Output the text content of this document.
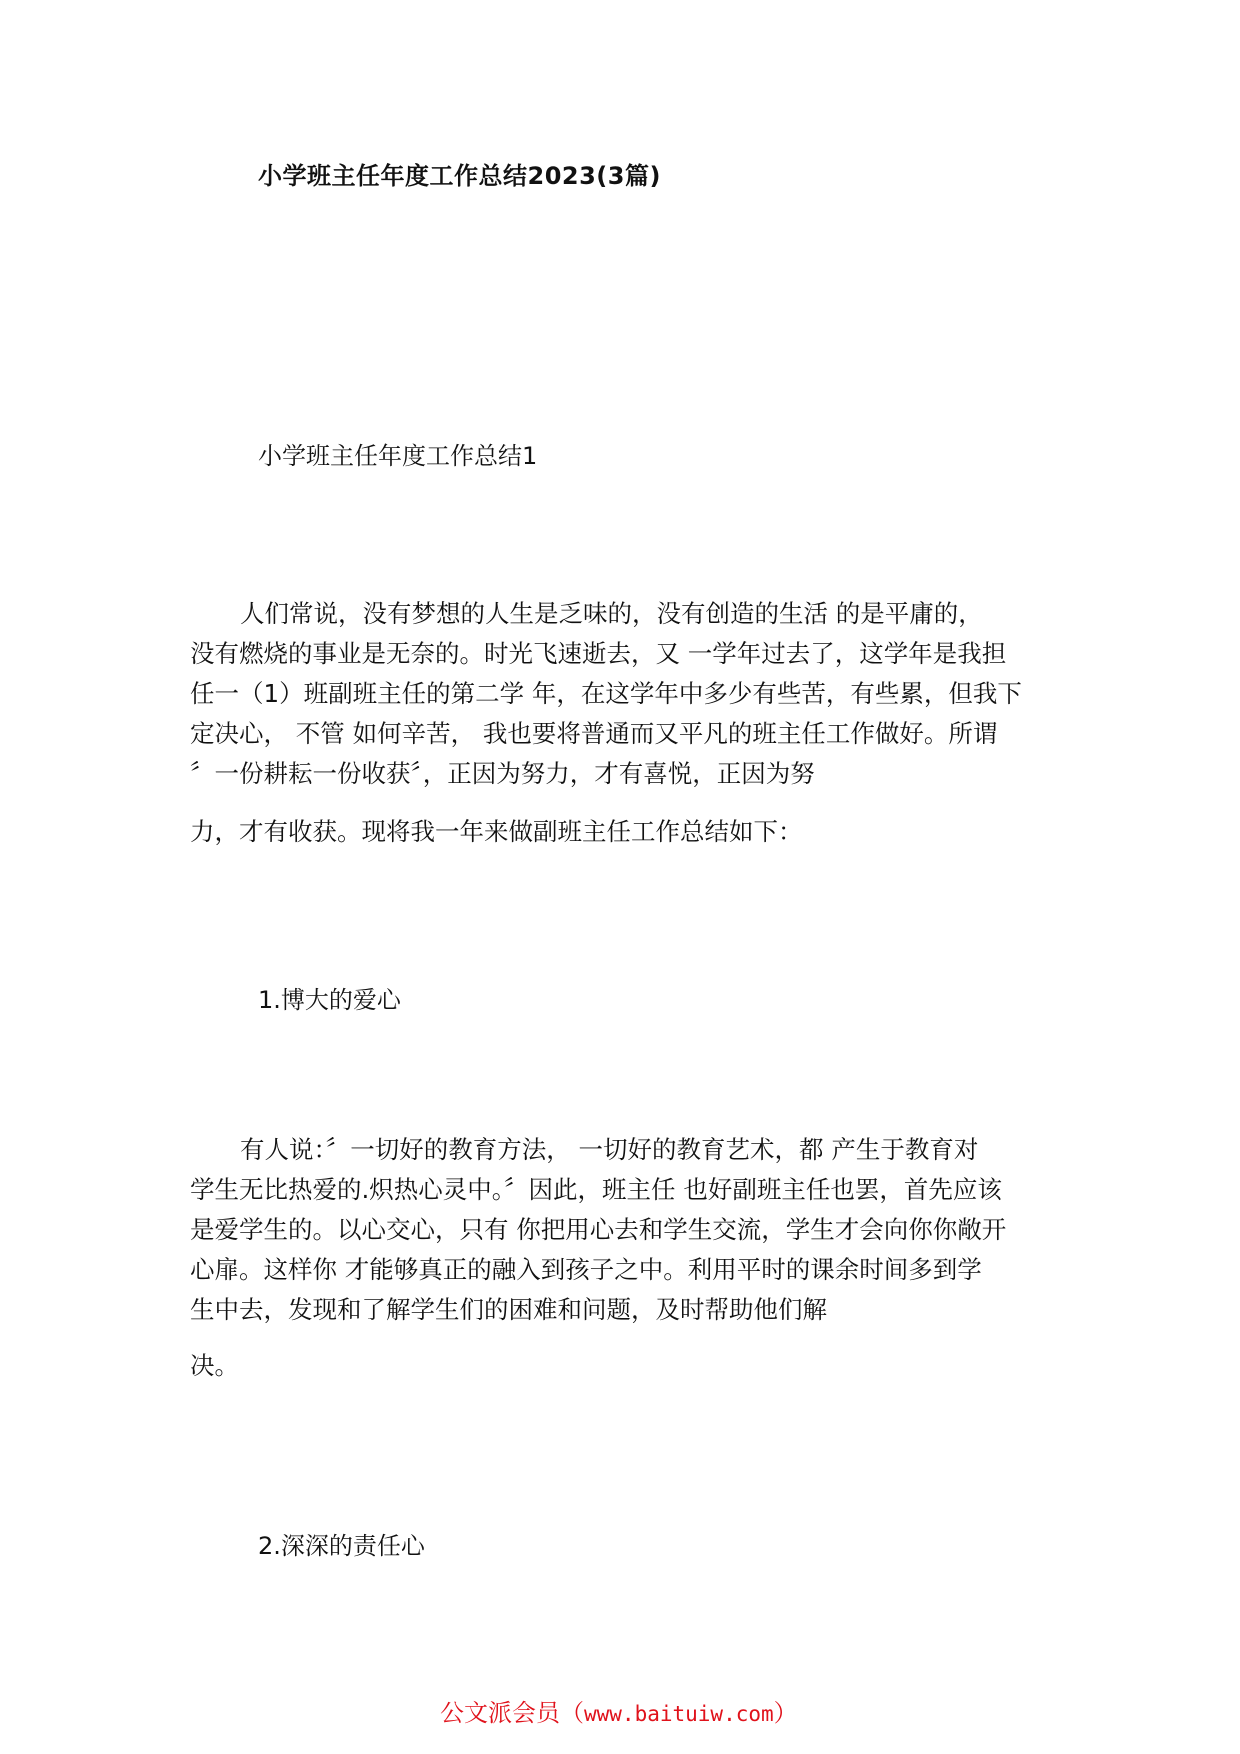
小学班主任年度工作总结2023(3篇)
小学班主任年度工作总结1
人们常说，没有梦想的人生是乏味的，没有创造的生活 的是平庸的，
没有燃烧的事业是无奈的。时光飞速逝去，又 一学年过去了，这学年是我担
任一（1）班副班主任的第二学 年，在这学年中多少有些苦，有些累，但我下
定决心， 不管 如何辛苦， 我也要将普通而又平凡的班主任工作做好。所谓
〞一份耕耘一份收获〞，正因为努力，才有喜悦，正因为努
力，才有收获。现将我一年来做副班主任工作总结如下：
1.博大的爱心
有人说：〞一切好的教育方法， 一切好的教育艺术，都 产生于教育对
学生无比热爱的.炽热心灵中。〞因此，班主任 也好副班主任也罢，首先应该
是爱学生的。以心交心，只有 你把用心去和学生交流，学生才会向你你敞开
心扉。这样你 才能够真正的融入到孩子之中。利用平时的课余时间多到学
生中去，发现和了解学生们的困难和问题，及时帮助他们解
决。
2.深深的责任心
公文派会员（www.baituiw.com）
